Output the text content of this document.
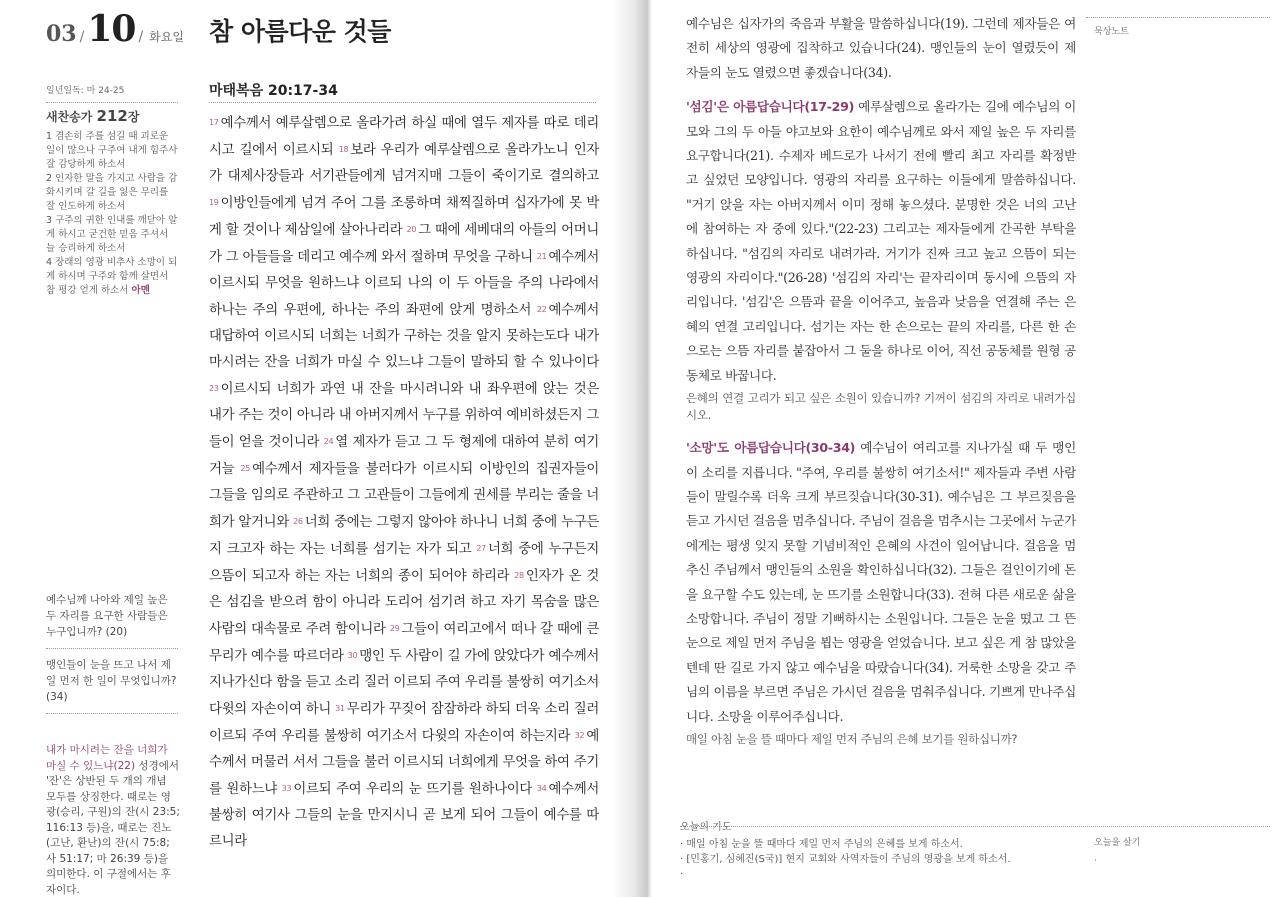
03 /10 / 화요일 참 아름다운 것들
일년일독: 마 24-25
새찬송가 212장
1 겸손히 주를 섬길 때 괴로운 일이 많으나 구주여 내게 힘주사 잘 감당하게 하소서
2 인자한 말을 가지고 사람을 감화시키며 갈 길을 잃은 무리를 잘 인도하게 하소서
3 구주의 귀한 인내를 깨닫아 알게 하시고 굳건한 믿음 주셔서 늘 승리하게 하소서
4 장래의 영광 비추사 소망이 되게 하시며 구주와 함께 살면서 참 평강 얻게 하소서 아멘
예수님께 나아와 제일 높은 두 자리를 요구한 사람들은 누구입니까? (20)
맹인들이 눈을 뜨고 나서 제일 먼저 한 일이 무엇입니까? (34)
내가 마시려는 잔을 너희가 마실 수 있느냐(22) 성경에서 '잔'은 상반된 두 개의 개념 모두를 상징한다. 때로는 영광(승리, 구원)의 잔(시 23:5; 116:13 등)을, 때로는 진노(고난, 환난)의 잔(시 75:8; 사 51:17; 마 26:39 등)을 의미한다. 이 구절에서는 후자이다.
마태복음 20:17-34
$^{17}$ 예수께서 예루살렘으로 올라가려 하실 때에 열두 제자를 따로 데리시고 길에서 이르시되 $^{18}$ 보라 우리가 예루살렘으로 올라가노니 인자가 대제사장들과 서기관들에게 넘겨지매 그들이 죽이기로 결의하고 $^{19}$ 이방인들에게 넘겨 주어 그를 조롱하며 채찍질하며 십자가에 못 박게 할 것이나 제삼일에 살아나리라 $^{20}$ 그 때에 세베대의 아들의 어머니가 그 아들들을 데리고 예수께 와서 절하며 무엇을 구하니 $^{21}$ 예수께서 이르시되 무엇을 원하느냐 이르되 나의 이 두 아들을 주의 나라에서 하나는 주의 우편에, 하나는 주의 좌편에 앉게 명하소서 $^{22}$ 예수께서 대답하여 이르시되 너희는 너희가 구하는 것을 알지 못하는도다 내가 마시려는 잔을 너희가 마실 수 있느냐 그들이 말하되 할 수 있나이다 $^{23}$ 이르시되 너희가 과연 내 잔을 마시려니와 내 좌우편에 앉는 것은 내가 주는 것이 아니라 내 아버지께서 누구를 위하여 예비하셨든지 그들이 얻을 것이니라 $^{24}$ 열 제자가 듣고 그 두 형제에 대하여 분히 여기거늘 $^{25}$ 예수께서 제자들을 불러다가 이르시되 이방인의 집권자들이 그들을 임의로 주관하고 그 고관들이 그들에게 권세를 부리는 줄을 너희가 알거니와 $^{26}$ 너희 중에는 그렇지 않아야 하나니 너희 중에 누구든지 크고자 하는 자는 너희를 섬기는 자가 되고 $^{27}$ 너희 중에 누구든지 으뜸이 되고자 하는 자는 너희의 종이 되어야 하리라 $^{28}$ 인자가 온 것은 섬김을 받으려 함이 아니라 도리어 섬기려 하고 자기 목숨을 많은 사람의 대속물로 주려 함이니라 $^{29}$ 그들이 여리고에서 떠나 갈 때에 큰 무리가 예수를 따르더라 $^{30}$ 맹인 두 사람이 길 가에 앉았다가 예수께서 지나가신다 함을 듣고 소리 질러 이르되 주여 우리를 불쌍히 여기소서 다윗의 자손이여 하니 $^{31}$ 무리가 꾸짖어 잠잠하라 하되 더욱 소리 질러 이르되 주여 우리를 불쌍히 여기소서 다윗의 자손이여 하는지라 $^{32}$ 예수께서 머물러 서서 그들을 불러 이르시되 너희에게 무엇을 하여 주기를 원하느냐 $^{33}$ 이르되 주여 우리의 눈 뜨기를 원하나이다 $^{34}$ 예수께서 불쌍히 여기사 그들의 눈을 만지시니 곧 보게 되어 그들이 예수를 따르니라
묵상노트

예수님은 십자가의 죽음과 부활을 말씀하십니다(19). 그런데 제자들은 여전히 세상의 영광에 집착하고 있습니다(24). 맹인들의 눈이 열렸듯이 제자들의 눈도 열렸으면 좋겠습니다(34).

'섬김'은 아름답습니다(17-29) 예루살렘으로 올라가는 길에 예수님의 이모와 그의 두 아들 야고보와 요한이 예수님께로 와서 제일 높은 두 자리를 요구합니다(21). 수제자 베드로가 나서기 전에 빨리 최고 자리를 확정받고 싶었던 모양입니다. 영광의 자리를 요구하는 이들에게 말씀하십니다. "거기 앉을 자는 아버지께서 이미 정해 놓으셨다. 분명한 것은 너의 고난에 참여하는 자 중에 있다."(22-23) 그리고는 제자들에게 간곡한 부탁을 하십니다. "섬김의 자리로 내려가라. 거기가 진짜 크고 높고 으뜸이 되는 영광의 자리이다."(26-28) '섬김의 자리'는 끝자리이며 동시에 으뜸의 자리입니다. '섬김'은 으뜸과 끝을 이어주고, 높음과 낮음을 연결해 주는 은혜의 연결 고리입니다. 섬기는 자는 한 손으로는 끝의 자리를, 다른 한 손으로는 으뜸 자리를 붙잡아서 그 둘을 하나로 이어, 직선 공동체를 원형 공동체로 바꿉니다.

은혜의 연결 고리가 되고 싶은 소원이 있습니까? 기꺼이 섬김의 자리로 내려가십시오.

'소망'도 아름답습니다(30-34) 예수님이 여리고를 지나가실 때 두 맹인이 소리를 지릅니다. "주여, 우리를 불쌍히 여기소서!" 제자들과 주변 사람들이 말릴수록 더욱 크게 부르짖습니다(30-31). 예수님은 그 부르짖음을 듣고 가시던 걸음을 멈추십니다. 주님이 걸음을 멈추시는 그곳에서 누군가에게는 평생 잊지 못할 기념비적인 은혜의 사건이 일어납니다. 걸음을 멈추신 주님께서 맹인들의 소원을 확인하십니다(32). 그들은 걸인이기에 돈을 요구할 수도 있는데, 눈 뜨기를 소원합니다(33). 전혀 다른 새로운 삶을 소망합니다. 주님이 정말 기뻐하시는 소원입니다. 그들은 눈을 떴고 그 뜬 눈으로 제일 먼저 주님을 뵙는 영광을 얻었습니다. 보고 싶은 게 참 많았을 텐데 딴 길로 가지 않고 예수님을 따랐습니다(34). 거룩한 소망을 갖고 주님의 이름을 부르면 주님은 가시던 걸음을 멈춰주십니다. 기쁘게 만나주십니다. 소망을 이루어주십니다.

매일 아침 눈을 뜰 때마다 제일 먼저 주님의 은혜 보기를 원하십니까?
오늘의 기도
· 매일 아침 눈을 뜰 때마다 제일 먼저 주님의 은혜를 보게 하소서.
· [민홍기, 심혜진(S국)] 현지 교회와 사역자들이 주님의 영광을 보게 하소서.
·
오늘을 살기
·
